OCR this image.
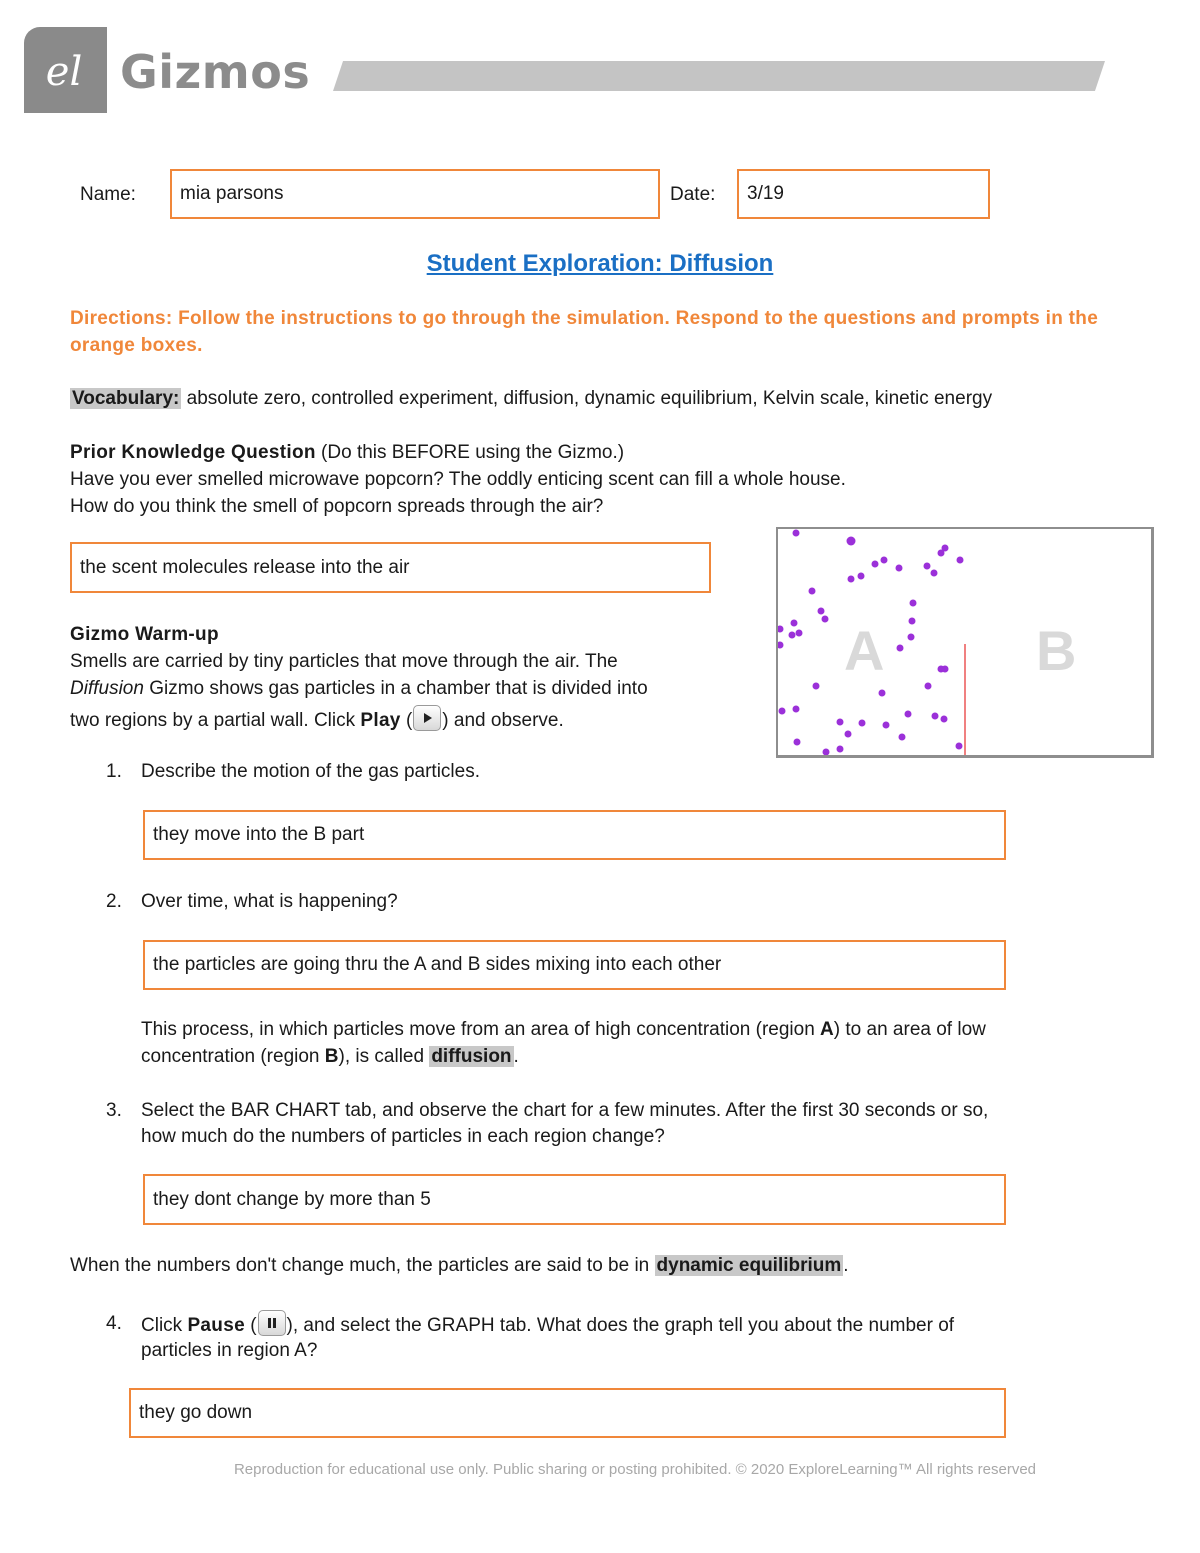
el Gizmos
Name: mia parsons	Date: 3/19
Student Exploration: Diffusion
Directions: Follow the instructions to go through the simulation. Respond to the questions and prompts in the orange boxes.
Vocabulary: absolute zero, controlled experiment, diffusion, dynamic equilibrium, Kelvin scale, kinetic energy
Prior Knowledge Question (Do this BEFORE using the Gizmo.)
Have you ever smelled microwave popcorn? The oddly enticing scent can fill a whole house.
How do you think the smell of popcorn spreads through the air?
the scent molecules release into the air
Gizmo Warm-up
Smells are carried by tiny particles that move through the air. The
Diffusion Gizmo shows gas particles in a chamber that is divided into
two regions by a partial wall. Click Play ( ) and observe.
A	B
1. Describe the motion of the gas particles.
they move into the B part
2. Over time, what is happening?
the particles are going thru the A and B sides mixing into each other
This process, in which particles move from an area of high concentration (region A) to an area of low
concentration (region B), is called diffusion .
3. Select the BAR CHART tab, and observe the chart for a few minutes. After the first 30 seconds or so,
how much do the numbers of particles in each region change?
they dont change by more than 5
When the numbers don't change much, the particles are said to be in dynamic equilibrium .
4. Click Pause ( ), and select the GRAPH tab. What does the graph tell you about the number of
particles in region A?
they go down
Reproduction for educational use only. Public sharing or posting prohibited. © 2020 ExploreLearning™ All rights reserved
